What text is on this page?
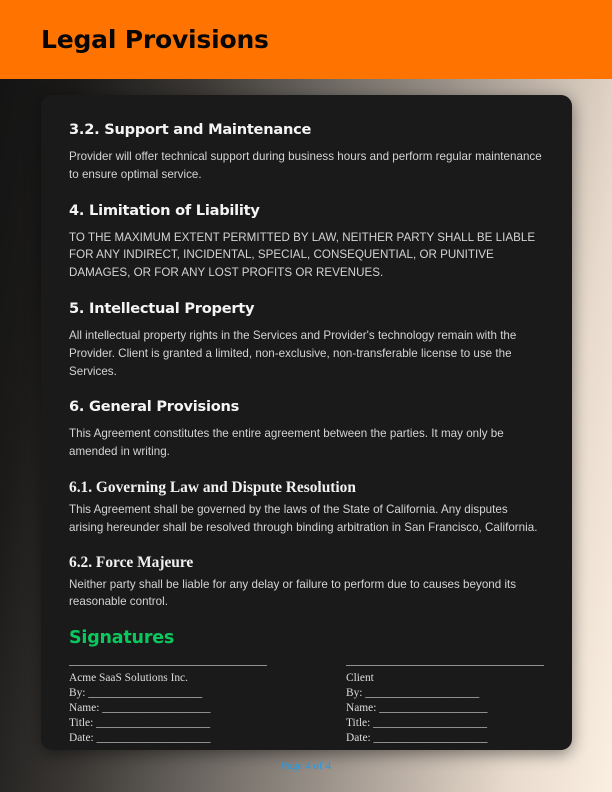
Legal Provisions
3.2. Support and Maintenance

Provider will offer technical support during business hours and perform regular maintenance to ensure optimal service.

4. Limitation of Liability

TO THE MAXIMUM EXTENT PERMITTED BY LAW, NEITHER PARTY SHALL BE LIABLE FOR ANY INDIRECT, INCIDENTAL, SPECIAL, CONSEQUENTIAL, OR PUNITIVE DAMAGES, OR FOR ANY LOST PROFITS OR REVENUES.

5. Intellectual Property

All intellectual property rights in the Services and Provider's technology remain with the Provider. Client is granted a limited, non-exclusive, non-transferable license to use the Services.

6. General Provisions

This Agreement constitutes the entire agreement between the parties. It may only be amended in writing.

6.1. Governing Law and Dispute Resolution

This Agreement shall be governed by the laws of the State of California. Any disputes arising hereunder shall be resolved through binding arbitration in San Francisco, California.

6.2. Force Majeure

Neither party shall be liable for any delay or failure to perform due to causes beyond its reasonable control.

Signatures
Acme SaaS Solutions Inc.
By: ____________________
Name: ___________________
Title: ____________________
Date: ____________________
Client
By: ____________________
Name: ___________________
Title: ____________________
Date: ____________________
Page 4 of 4
